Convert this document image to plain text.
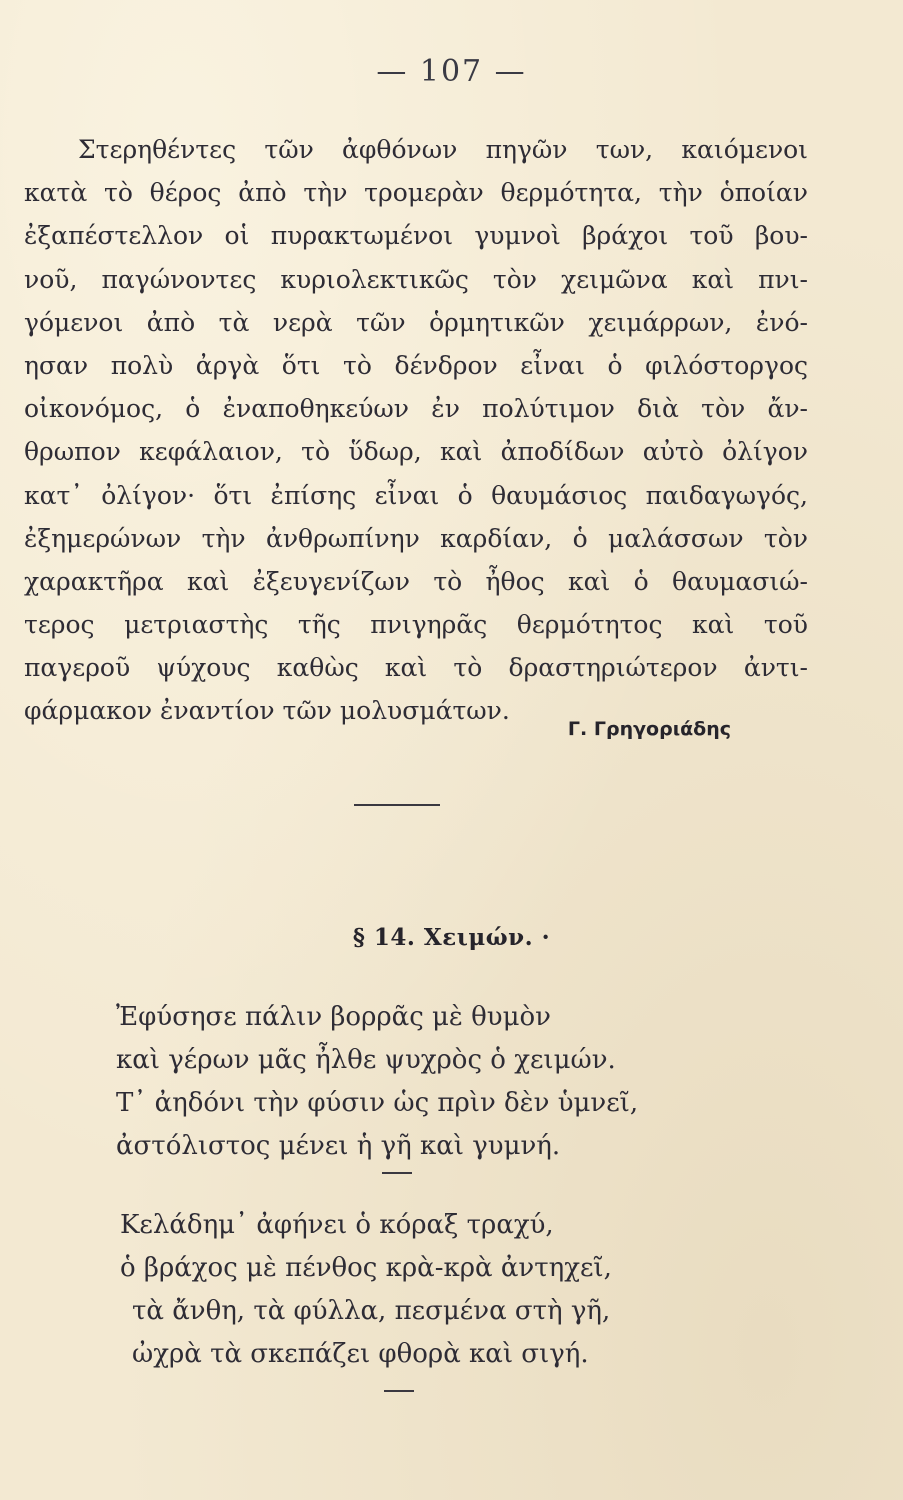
— 107 —
Στερηθέντες τῶν ἀφθόνων πηγῶν των, καιόμενοι
κατὰ τὸ θέρος ἀπὸ τὴν τρομερὰν θερμότητα, τὴν ὁποίαν
ἐξαπέστελλον οἱ πυρακτωμένοι γυμνοὶ βράχοι τοῦ βου-
νοῦ, παγώνοντες κυριολεκτικῶς τὸν χειμῶνα καὶ πνι-
γόμενοι ἀπὸ τὰ νερὰ τῶν ὁρμητικῶν χειμάρρων, ἐνό-
ησαν πολὺ ἀργὰ ὅτι τὸ δένδρον εἶναι ὁ φιλόστοργος
οἰκονόμος, ὁ ἐναποθηκεύων ἐν πολύτιμον διὰ τὸν ἄν-
θρωπον κεφάλαιον, τὸ ὕδωρ, καὶ ἀποδίδων αὐτὸ ὀλίγον
κατ᾽ ὀλίγον· ὅτι ἐπίσης εἶναι ὁ θαυμάσιος παιδαγωγός,
ἐξημερώνων τὴν ἀνθρωπίνην καρδίαν, ὁ μαλάσσων τὸν
χαρακτῆρα καὶ ἐξευγενίζων τὸ ἦθος καὶ ὁ θαυμασιώ-
τερος μετριαστὴς τῆς πνιγηρᾶς θερμότητος καὶ τοῦ
παγεροῦ ψύχους καθὼς καὶ τὸ δραστηριώτερον ἀντι-
φάρμακον ἐναντίον τῶν μολυσμάτων.
Γ. Γρηγοριάδης
§ 14. Χειμών. ·
Ἐφύσησε πάλιν βορρᾶς μὲ θυμὸν
καὶ γέρων μᾶς ἦλθε ψυχρὸς ὁ χειμών.
Τ᾽ ἀηδόνι τὴν φύσιν ὡς πρὶν δὲν ὑμνεῖ,
ἀστόλιστος μένει ἡ γῆ καὶ γυμνή.
Κελάδημ᾽ ἀφήνει ὁ κόραξ τραχύ,
ὁ βράχος μὲ πένθος κρὰ-κρὰ ἀντηχεῖ,
τὰ ἄνθη, τὰ φύλλα, πεσμένα στὴ γῆ,
ὠχρὰ τὰ σκεπάζει φθορὰ καὶ σιγή.
